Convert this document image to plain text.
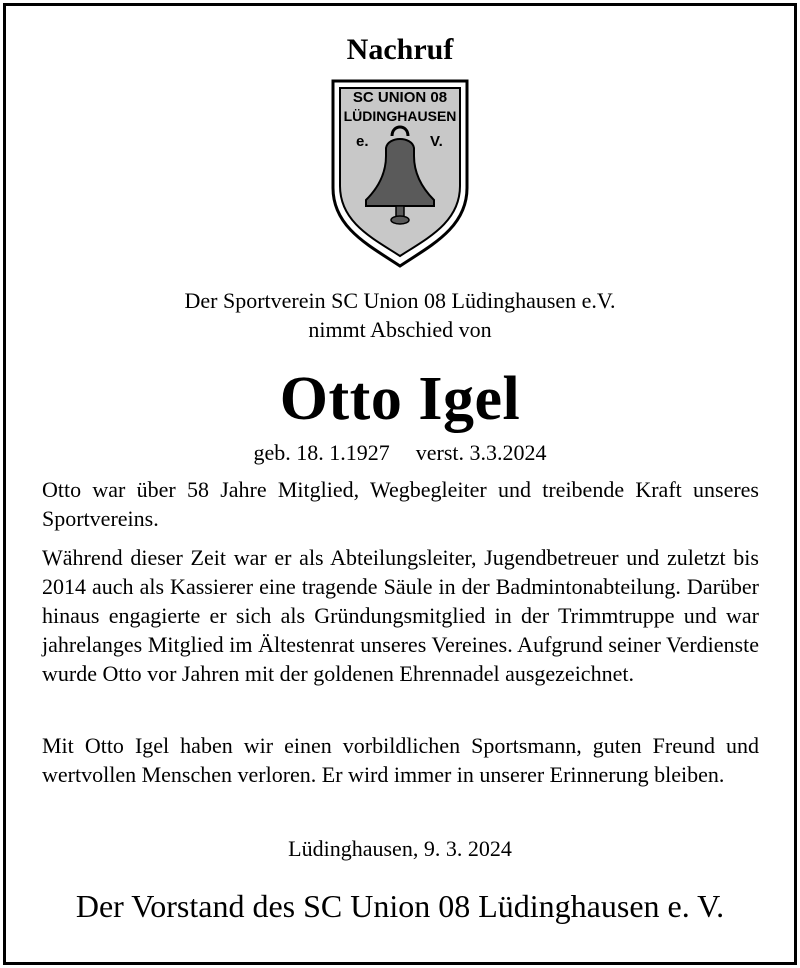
Nachruf
SC UNION 08
LÜDINGHAUSEN
e.	V.
Der Sportverein SC Union 08 Lüdinghausen e.V.
nimmt Abschied von
Otto Igel
geb. 18. 1.1927 verst. 3.3.2024
Otto war über 58 Jahre Mitglied, Wegbegleiter und treibende Kraft unseres Sportvereins.
Während dieser Zeit war er als Abteilungsleiter, Jugendbetreuer und zuletzt bis 2014 auch als Kassierer eine tragende Säule in der Badmintonabteilung. Darüber hinaus engagierte er sich als Gründungsmitglied in der Trimmtruppe und war jahrelanges Mitglied im Ältestenrat unseres Vereines. Aufgrund seiner Verdienste wurde Otto vor Jahren mit der goldenen Ehrennadel ausgezeichnet.
Mit Otto Igel haben wir einen vorbildlichen Sportsmann, guten Freund und wertvollen Menschen verloren. Er wird immer in unserer Erinnerung bleiben.
Lüdinghausen, 9. 3. 2024
Der Vorstand des SC Union 08 Lüdinghausen e. V.
